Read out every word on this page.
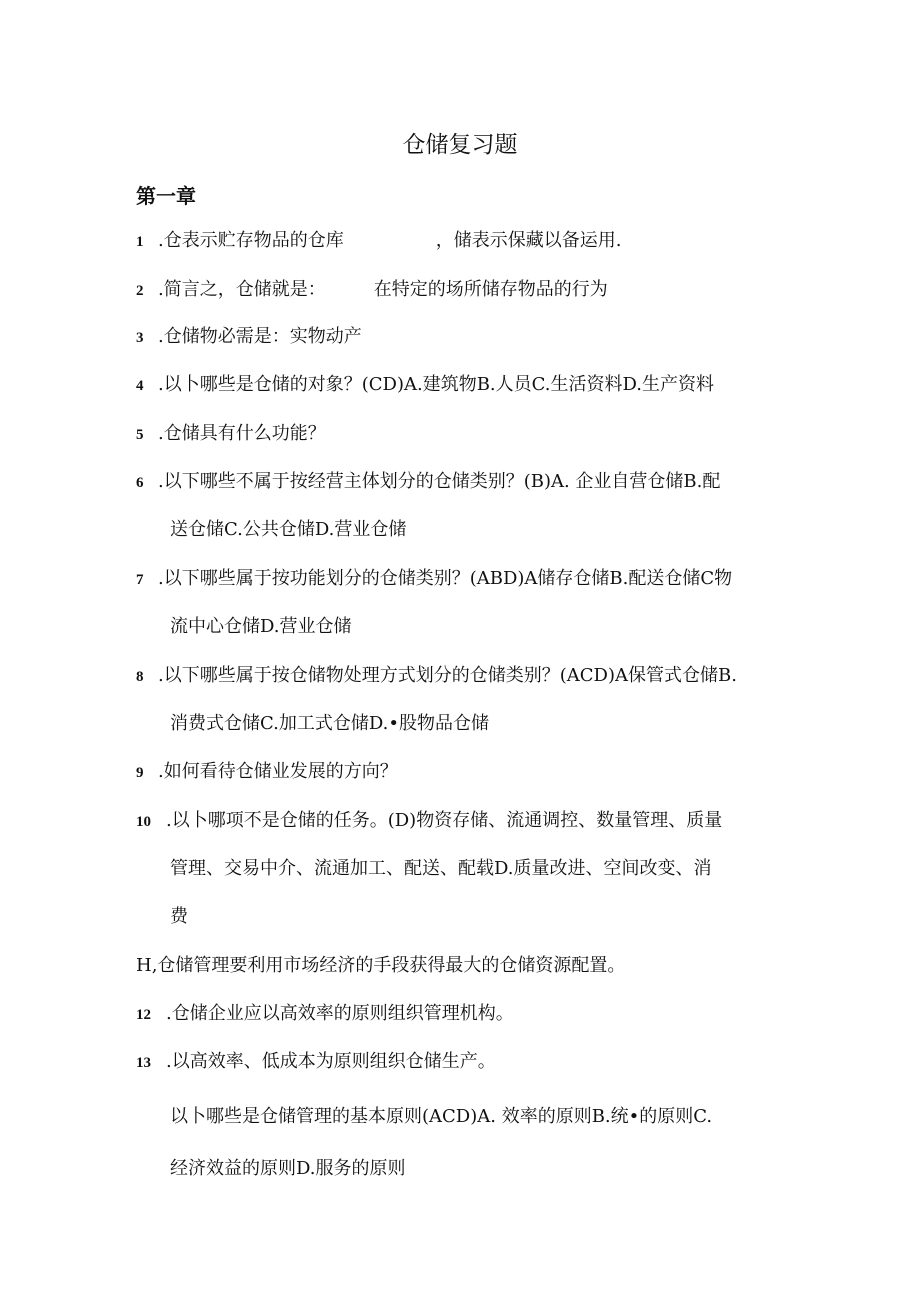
仓储复习题
第一章
1 .仓表示贮存物品的仓库	，储表示保藏以备运用.
2 .简言之，仓储就是：	在特定的场所储存物品的行为
3 .仓储物必需是：实物动产
4 .以卜哪些是仓储的对象？(CD)A.建筑物B.人员C.生活资料D.生产资料
5 .仓储具有什么功能？
6 .以下哪些不属于按经营主体划分的仓储类别？(B)A. 企业自营仓储B.配
送仓储C.公共仓储D.营业仓储
7 .以下哪些属于按功能划分的仓储类别？(ABD)A储存仓储B.配送仓储C物
流中心仓储D.营业仓储
8 .以下哪些属于按仓储物处理方式划分的仓储类别？(ACD)A保管式仓储B.
消费式仓储C.加工式仓储D.•股物品仓储
9 .如何看待仓储业发展的方向？
10 .以卜哪项不是仓储的任务。(D)物资存储、流通调控、数量管理、质量
管理、交易中介、流通加工、配送、配载D.质量改进、空间改变、消
费
H,仓储管理要利用市场经济的手段获得最大的仓储资源配置。
12 .仓储企业应以高效率的原则组织管理机构。
13 .以高效率、低成本为原则组织仓储生产。
以卜哪些是仓储管理的基本原则(ACD)A. 效率的原则B.统•的原则C.
经济效益的原则D.服务的原则
